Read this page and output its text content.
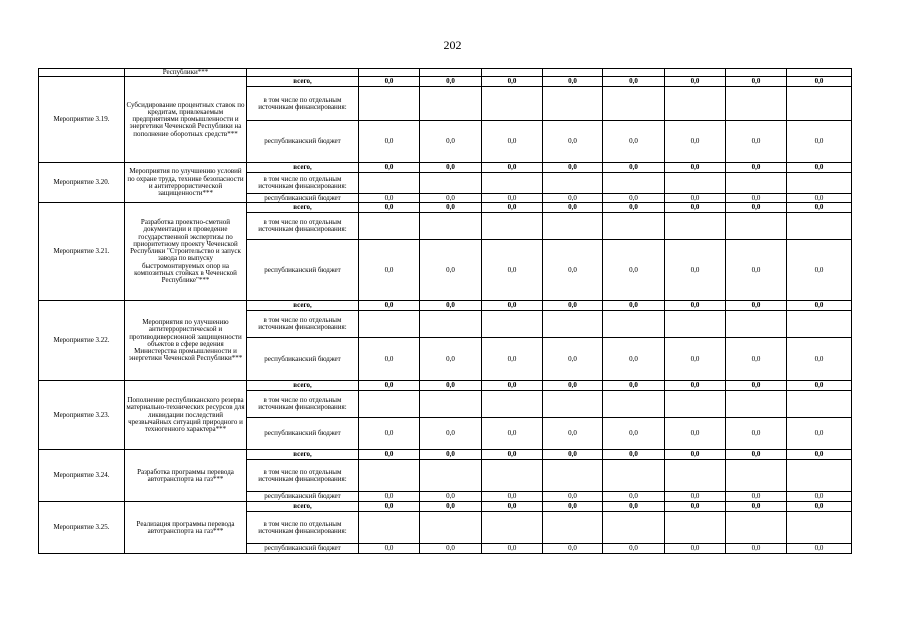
202
	Республики***									
Мероприятие 3.19.	Субсидирование процентных ставок по кредитам, привлекаемым предприятиями промышленности и энергетики Чеченской Республики на пополнение оборотных средств***	всего,	0,0	0,0	0,0	0,0	0,0	0,0	0,0	0,0
		в том числе по отдельным источникам финансирования:								
		республиканский бюджет	0,0	0,0	0,0	0,0	0,0	0,0	0,0	0,0
Мероприятие 3.20.	Мероприятия по улучшению условий по охране труда, технике безопасности и антитеррористической защищенности***	всего,	0,0	0,0	0,0	0,0	0,0	0,0	0,0	0,0
		в том числе по отдельным источникам финансирования:								
		республиканский бюджет	0,0	0,0	0,0	0,0	0,0	0,0	0,0	0,0
Мероприятие 3.21.	Разработка проектно-сметной документации и проведение государственной экспертизы по приоритетному проекту Чеченской Республики "Строительство и запуск завода по выпуску быстромонтируемых опор на композитных стойках в Чеченской Республике"***	всего,	0,0	0,0	0,0	0,0	0,0	0,0	0,0	0,0
		в том числе по отдельным источникам финансирования:								
		республиканский бюджет	0,0	0,0	0,0	0,0	0,0	0,0	0,0	0,0
Мероприятие 3.22.	Мероприятия по улучшению антитеррористической и противодиверсионной защищенности объектов в сфере ведения Министерства промышленности и энергетики Чеченской Республики***	всего,	0,0	0,0	0,0	0,0	0,0	0,0	0,0	0,0
		в том числе по отдельным источникам финансирования:								
		республиканский бюджет	0,0	0,0	0,0	0,0	0,0	0,0	0,0	0,0
Мероприятие 3.23.	Пополнение республиканского резерва материально-технических ресурсов для ликвидации последствий чрезвычайных ситуаций природного и техногенного характера***	всего,	0,0	0,0	0,0	0,0	0,0	0,0	0,0	0,0
		в том числе по отдельным источникам финансирования:								
		республиканский бюджет	0,0	0,0	0,0	0,0	0,0	0,0	0,0	0,0
Мероприятие 3.24.	Разработка программы перевода автотранспорта на газ***	всего,	0,0	0,0	0,0	0,0	0,0	0,0	0,0	0,0
		в том числе по отдельным источникам финансирования:								
		республиканский бюджет	0,0	0,0	0,0	0,0	0,0	0,0	0,0	0,0
Мероприятие 3.25.	Реализация программы перевода автотранспорта на газ***	всего,	0,0	0,0	0,0	0,0	0,0	0,0	0,0	0,0
		в том числе по отдельным источникам финансирования:								
		республиканский бюджет	0,0	0,0	0,0	0,0	0,0	0,0	0,0	0,0
